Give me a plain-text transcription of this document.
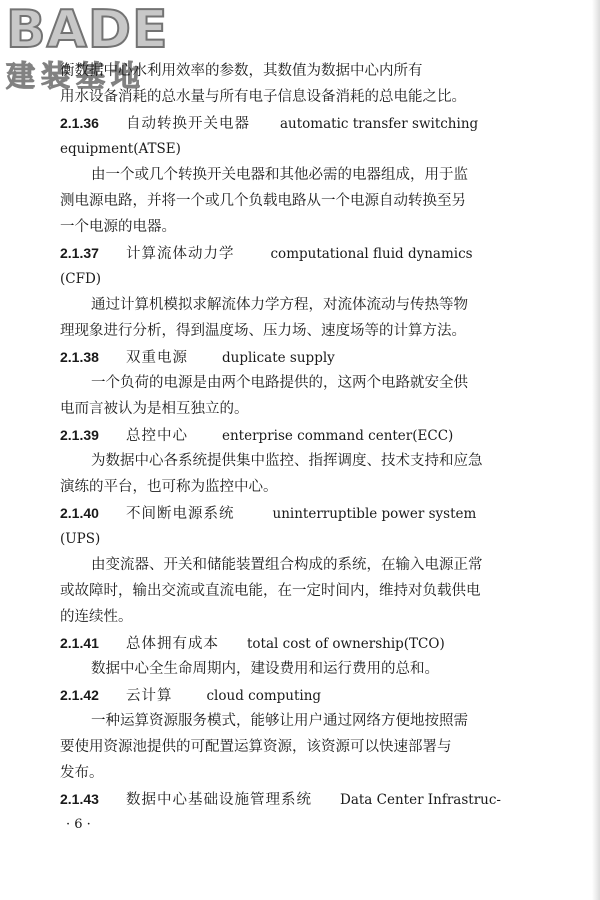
BADE
建装基地
衡数据中心水利用效率的参数，其数值为数据中心内所有
用水设备消耗的总水量与所有电子信息设备消耗的总电能之比。
2.1.36 自动转换开关电器 automatic transfer switching
equipment(ATSE)
由一个或几个转换开关电器和其他必需的电器组成，用于监
测电源电路，并将一个或几个负载电路从一个电源自动转换至另
一个电源的电器。
2.1.37 计算流体动力学	computational fluid dynamics
(CFD)
通过计算机模拟求解流体力学方程，对流体流动与传热等物
理现象进行分析，得到温度场、压力场、速度场等的计算方法。
2.1.38 双重电源	duplicate supply
一个负荷的电源是由两个电路提供的，这两个电路就安全供
电而言被认为是相互独立的。
2.1.39 总控中心	enterprise command center(ECC)
为数据中心各系统提供集中监控、指挥调度、技术支持和应急
演练的平台，也可称为监控中心。
2.1.40 不间断电源系统	uninterruptible power system
(UPS)
由变流器、开关和储能装置组合构成的系统，在输入电源正常
或故障时，输出交流或直流电能，在一定时间内，维持对负载供电
的连续性。
2.1.41 总体拥有成本 total cost of ownership(TCO)
数据中心全生命周期内，建设费用和运行费用的总和。
2.1.42 云计算	cloud computing
一种运算资源服务模式，能够让用户通过网络方便地按照需
要使用资源池提供的可配置运算资源，该资源可以快速部署与
发布。
2.1.43 数据中心基础设施管理系统 Data Center Infrastruc-
· 6 ·
